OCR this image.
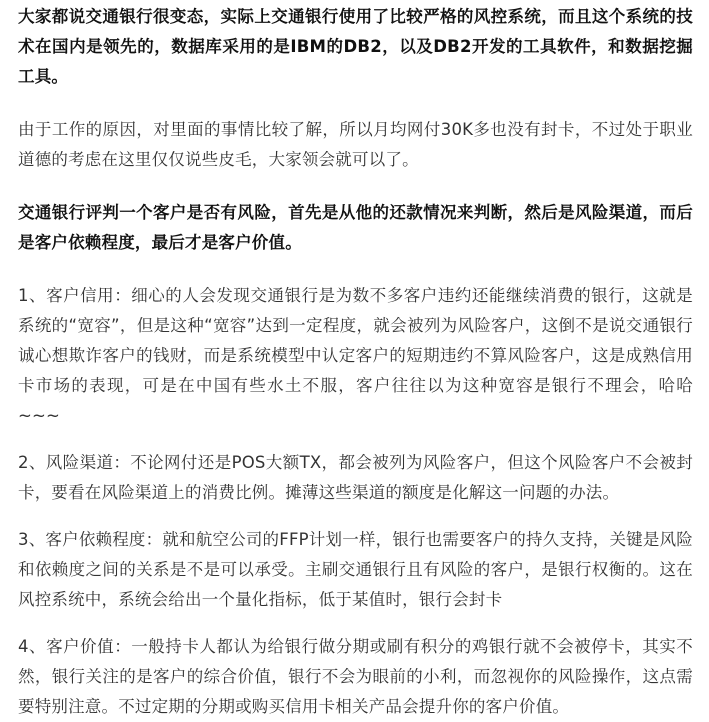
大家都说交通银行很变态，实际上交通银行使用了比较严格的风控系统，而且这个系统的技术在国内是领先的，数据库采用的是IBM的DB2，以及DB2开发的工具软件，和数据挖掘工具。

由于工作的原因，对里面的事情比较了解，所以月均网付30K多也没有封卡，不过处于职业道德的考虑在这里仅仅说些皮毛，大家领会就可以了。

交通银行评判一个客户是否有风险，首先是从他的还款情况来判断，然后是风险渠道，而后是客户依赖程度，最后才是客户价值。

1、客户信用：细心的人会发现交通银行是为数不多客户违约还能继续消费的银行，这就是系统的“宽容”，但是这种“宽容”达到一定程度，就会被列为风险客户，这倒不是说交通银行诚心想欺诈客户的钱财，而是系统模型中认定客户的短期违约不算风险客户，这是成熟信用卡市场的表现，可是在中国有些水土不服，客户往往以为这种宽容是银行不理会，哈哈~~~

2、风险渠道：不论网付还是POS大额TX，都会被列为风险客户，但这个风险客户不会被封卡，要看在风险渠道上的消费比例。摊薄这些渠道的额度是化解这一问题的办法。

3、客户依赖程度：就和航空公司的FFP计划一样，银行也需要客户的持久支持，关键是风险和依赖度之间的关系是不是可以承受。主刷交通银行且有风险的客户，是银行权衡的。这在风控系统中，系统会给出一个量化指标，低于某值时，银行会封卡

4、客户价值：一般持卡人都认为给银行做分期或刷有积分的鸡银行就不会被停卡，其实不然，银行关注的是客户的综合价值，银行不会为眼前的小利，而忽视你的风险操作，这点需要特别注意。不过定期的分期或购买信用卡相关产品会提升你的客户价值。
